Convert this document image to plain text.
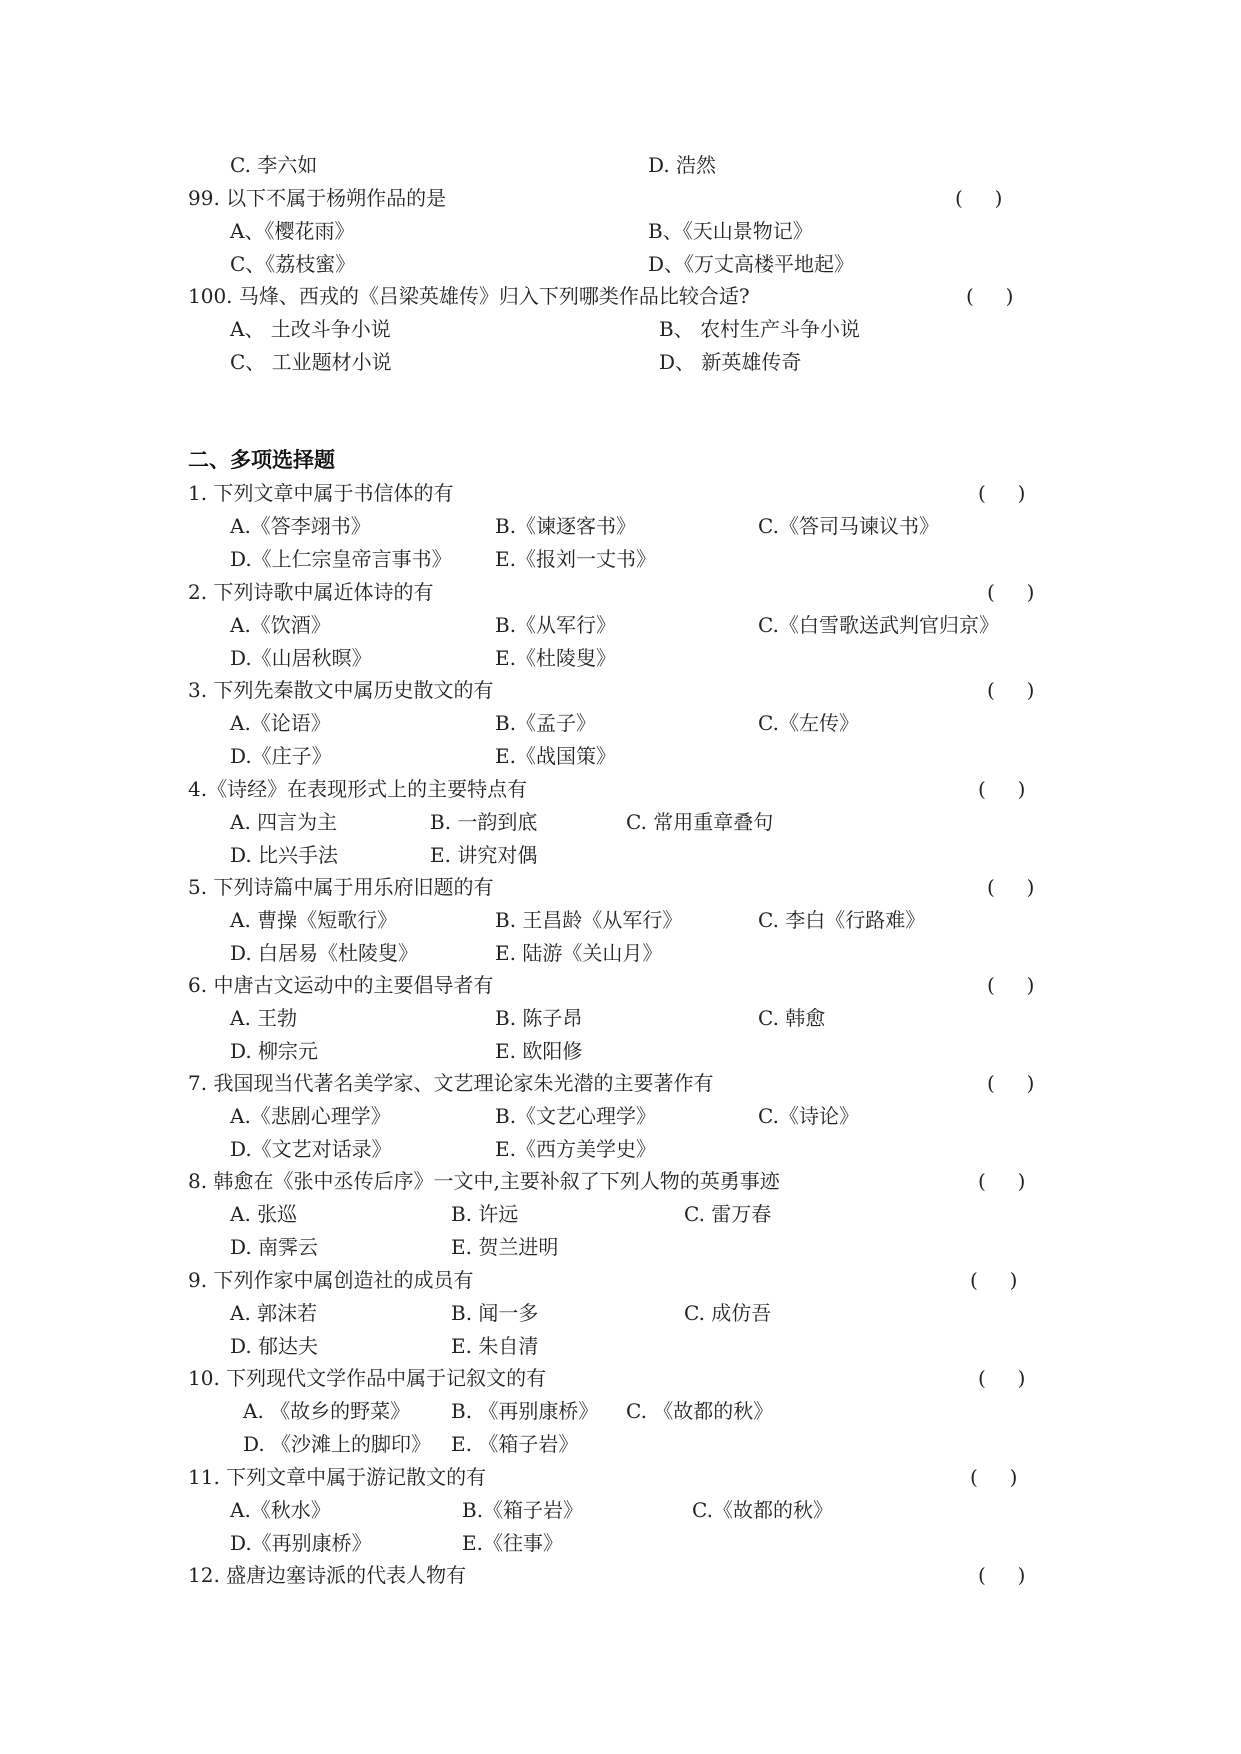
C. 李六如	D. 浩然
99. 以下不属于杨朔作品的是	(     )
A、《樱花雨》	B、《天山景物记》
C、《荔枝蜜》	D、《万丈高楼平地起》
100. 马烽、西戎的《吕梁英雄传》归入下列哪类作品比较合适?	(     )
A、 土改斗争小说	B、 农村生产斗争小说
C、 工业题材小说	D、 新英雄传奇
二、多项选择题
1. 下列文章中属于书信体的有	(     )
A.《答李翊书》	B.《谏逐客书》	C.《答司马谏议书》
D.《上仁宗皇帝言事书》 E.《报刘一丈书》
2. 下列诗歌中属近体诗的有	(     )
A.《饮酒》	B.《从军行》	C.《白雪歌送武判官归京》
D.《山居秋暝》	E.《杜陵叟》
3. 下列先秦散文中属历史散文的有	(     )
A.《论语》	B.《孟子》	C.《左传》
D.《庄子》	E.《战国策》
4.《诗经》在表现形式上的主要特点有	(     )
A. 四言为主	B. 一韵到底	C. 常用重章叠句
D. 比兴手法	E. 讲究对偶
5. 下列诗篇中属于用乐府旧题的有	(     )
A. 曹操《短歌行》	B. 王昌龄《从军行》	C. 李白《行路难》
D. 白居易《杜陵叟》	E. 陆游《关山月》
6. 中唐古文运动中的主要倡导者有	(     )
A. 王勃	B. 陈子昂	C. 韩愈
D. 柳宗元	E. 欧阳修
7. 我国现当代著名美学家、文艺理论家朱光潜的主要著作有	(     )
A.《悲剧心理学》	B.《文艺心理学》	C.《诗论》
D.《文艺对话录》	E.《西方美学史》
8. 韩愈在《张中丞传后序》一文中,主要补叙了下列人物的英勇事迹	(     )
A. 张巡	B. 许远	C. 雷万春
D. 南霁云	E. 贺兰进明
9. 下列作家中属创造社的成员有	(     )
A. 郭沫若	B. 闻一多	C. 成仿吾
D. 郁达夫	E. 朱自清
10. 下列现代文学作品中属于记叙文的有	(     )
A. 《故乡的野菜》 B. 《再别康桥》 C. 《故都的秋》
D. 《沙滩上的脚印》 E. 《箱子岩》
11. 下列文章中属于游记散文的有	(     )
A.《秋水》	B.《箱子岩》	C.《故都的秋》
D.《再别康桥》	E.《往事》
12. 盛唐边塞诗派的代表人物有	(     )
